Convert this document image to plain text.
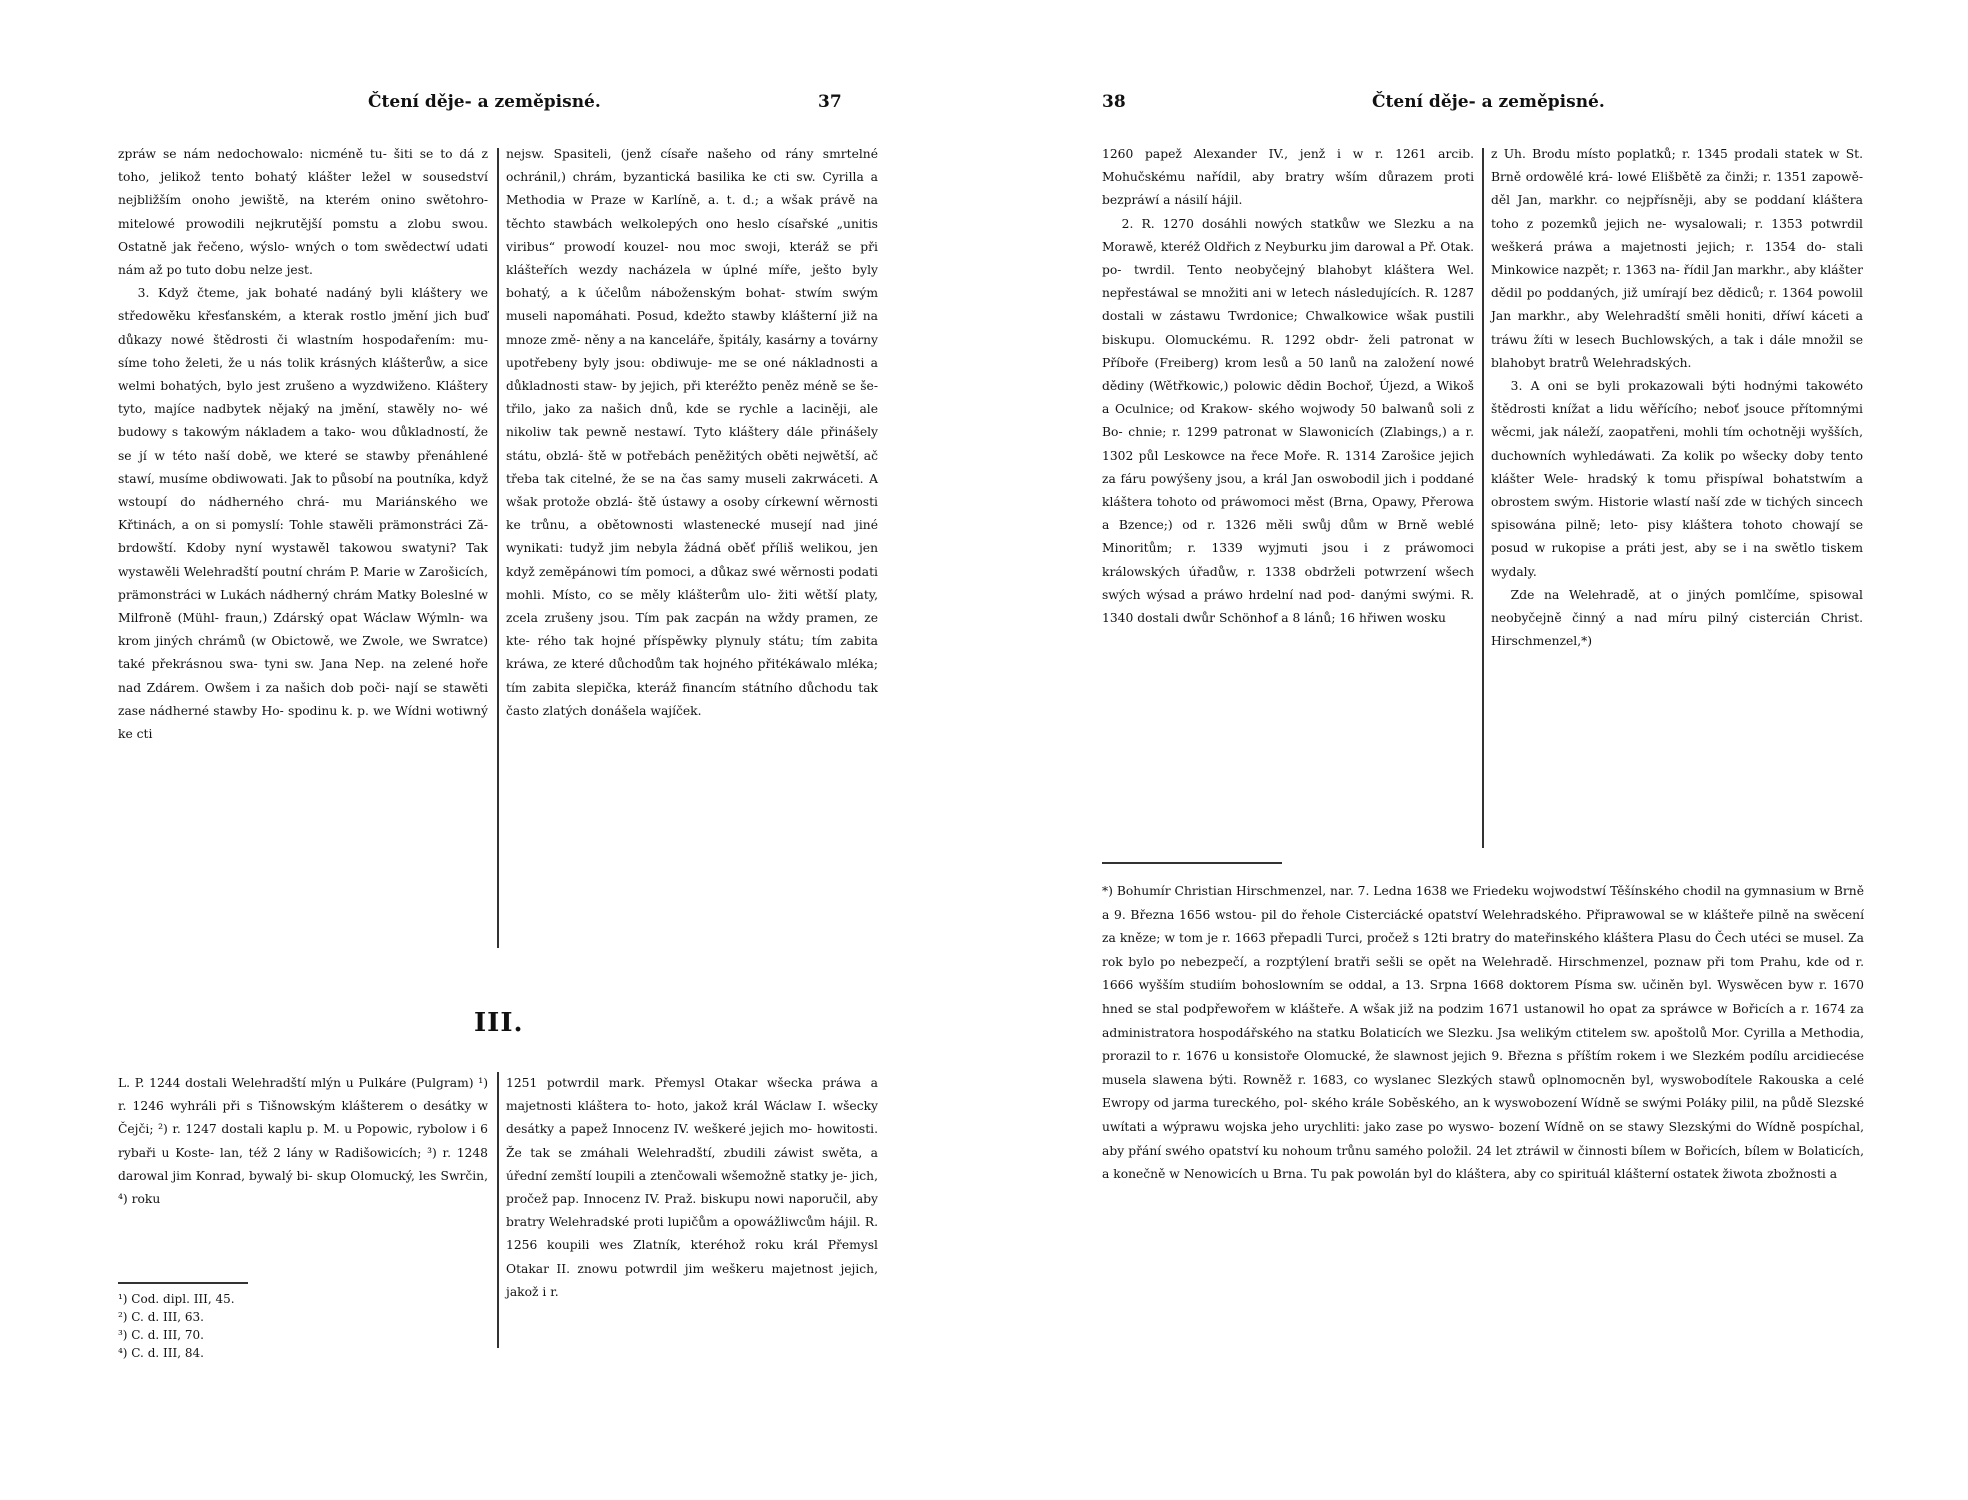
Čtení děje- a zeměpisné.	37

zpráw se nám nedochowalo: nicméně tu- šiti se to dá z toho, jelikož tento bohatý klášter ležel w sousedství nejbližším onoho jewiště, na kterém onino swětohro- mitelowé prowodili nejkrutější pomstu a zlobu swou. Ostatně jak řečeno, wýslo- wných o tom swědectwí udati nám až po tuto dobu nelze jest.

3. Když čteme, jak bohaté nadáný byli kláštery we středowěku křesťanském, a kterak rostlo jmění jich buď důkazy nowé štědrosti či wlastním hospodařením: mu- síme toho želeti, že u nás tolik krásných klášterůw, a sice welmi bohatých, bylo jest zrušeno a wyzdwiženo. Kláštery tyto, majíce nadbytek nějaký na jmění, stawěly no- wé budowy s takowým nákladem a tako- wou důkladností, že se jí w této naší době, we které se stawby přenáhlené stawí, musíme obdiwowati. Jak to působí na poutníka, když wstoupí do nádherného chrá- mu Mariánského we Křtinách, a on si pomyslí: Tohle stawěli prämonstráci Ză- brdowští. Kdoby nyní wystawěl takowou swatyni? Tak wystawěli Welehradští poutní chrám P. Marie w Zarošicích, prämonstráci w Lukách nádherný chrám Matky Boleslné w Milfroně (Mühl- fraun,) Zdárský opat Wáclaw Wýmln- wa krom jiných chrámů (w Obictowě, we Zwole, we Swratce) také překrásnou swa- tyni sw. Jana Nep. na zelené hoře nad Zdárem. Owšem i za našich dob poči- nají se stawěti zase nádherné stawby Ho- spodinu k. p. we Wídni wotiwný ke cti

nejsw. Spasiteli, (jenž císaře našeho od rány smrtelné ochránil,) chrám, byzantická basilika ke cti sw. Cyrilla a Methodia w Praze w Karlíně, a. t. d.; a wšak právě na těchto stawbách welkolepých ono heslo císařské „unitis viribus“ prowodí kouzel- nou moc swoji, kteráž se při klášteřích wezdy nacházela w úplné míře, ješto byly bohatý, a k účelům náboženským bohat- stwím swým museli napomáhati. Posud, kdežto stawby klášterní již na mnoze změ- něny a na kanceláře, špitály, kasárny a továrny upotřebeny byly jsou: obdiwuje- me se oné nákladnosti a důkladnosti staw- by jejich, při kteréžto peněz méně se še- třilo, jako za našich dnů, kde se rychle a laciněji, ale nikoliw tak pewně nestawí. Tyto kláštery dále přinášely státu, obzlá- ště w potřebách peněžitých oběti nejwětší, ač třeba tak citelné, že se na čas samy museli zakrwáceti. A wšak protože obzlá- ště ústawy a osoby církewní wěrnosti ke trůnu, a obětownosti wlastenecké musejí nad jiné wynikati: tudyž jim nebyla žádná oběť příliš welikou, jen když zeměpánowi tím pomoci, a důkaz swé wěrnosti podati mohli. Místo, co se měly klášterům ulo- žiti wětší platy, zcela zrušeny jsou. Tím pak zacpán na wždy pramen, ze kte- rého tak hojné příspěwky plynuly státu; tím zabita kráwa, ze které důchodům tak hojného přitékáwalo mléka; tím zabita slepička, kteráž financím státního důchodu tak často zlatých donášela wajíček.

III.

L. P. 1244 dostali Welehradští mlýn u Pulkáre (Pulgram) ¹) r. 1246 wyhráli při s Tišnowským klášterem o desátky w Čejči; ²) r. 1247 dostali kaplu p. M. u Popowic, rybolow i 6 rybaři u Koste- lan, též 2 lány w Radišowicích; ³) r. 1248 darowal jim Konrad, bywalý bi- skup Olomucký, les Swrčin, ⁴) roku

1251 potwrdil mark. Přemysl Otakar wšecka práwa a majetnosti kláštera to- hoto, jakož král Wáclaw I. wšecky desátky a papež Innocenz IV. weškeré jejich mo- howitosti. Že tak se zmáhali Welehradští, zbudili záwist swěta, a úřední zemští loupili a ztenčowali wšemožně statky je- jich, pročež pap. Innocenz IV. Praž. biskupu nowi naporučil, aby bratry Welehradské proti lupičům a opowážliwcům hájil. R. 1256 koupili wes Zlatník, kteréhož roku král Přemysl Otakar II. znowu potwrdil jim weškeru majetnost jejich, jakož i r.

¹) Cod. dipl. III, 45.
²) C. d. III, 63.
³) C. d. III, 70.
⁴) C. d. III, 84.
38	Čtení děje- a zeměpisné.

1260 papež Alexander IV., jenž i w r. 1261 arcib. Mohučskému nařídil, aby bratry wším důrazem proti bezpráwí a násilí hájil.

2. R. 1270 dosáhli nowých statkůw we Slezku a na Morawě, kteréž Oldřich z Neyburku jim darowal a Př. Otak. po- twrdil. Tento neobyčejný blahobyt kláštera Wel. nepřestáwal se množiti ani w letech následujících. R. 1287 dostali w zástawu Twrdonice; Chwalkowice wšak pustili biskupu. Olomuckému. R. 1292 obdr- želi patronat w Příboře (Freiberg) krom lesů a 50 lanů na založení nowé dědiny (Wětřkowic,) polowic dědin Bochoř, Újezd, a Wikoš a Oculnice; od Krakow- ského wojwody 50 balwanů soli z Bo- chnie; r. 1299 patronat w Slawonicích (Zlabings,) a r. 1302 půl Leskowce na řece Moře. R. 1314 Zarošice jejich za fáru powýšeny jsou, a král Jan oswobodil jich i poddané kláštera tohoto od práwomoci měst (Brna, Opawy, Přerowa a Bzence;) od r. 1326 měli swůj dům w Brně weblé Minoritům; r. 1339 wyjmuti jsou i z práwomoci králowských úřadůw, r. 1338 obdrželi potwrzení wšech swých wýsad a práwo hrdelní nad pod- danými swými. R. 1340 dostali dwůr Schönhof a 8 lánů; 16 hřiwen wosku

z Uh. Brodu místo poplatků; r. 1345 prodali statek w St. Brně ordowělé krá- lowé Elišbětě za činži; r. 1351 zapowě- děl Jan, markhr. co nejpřísněji, aby se poddaní kláštera toho z pozemků jejich ne- wysalowali; r. 1353 potwrdil weškerá práwa a majetnosti jejich; r. 1354 do- stali Minkowice nazpět; r. 1363 na- řídil Jan markhr., aby klášter dědil po poddaných, již umírají bez dědiců; r. 1364 powolil Jan markhr., aby Welehradští směli honiti, dříwí káceti a tráwu žíti w lesech Buchlowských, a tak i dále množil se blahobyt bratrů Welehradských.

3. A oni se byli prokazowali býti hodnými takowéto štědrosti knížat a lidu wěřícího; neboť jsouce přítomnými wěcmi, jak náleží, zaopatřeni, mohli tím ochotněji wyšších, duchowních wyhledáwati. Za kolik po wšecky doby tento klášter Wele- hradský k tomu přispíwal bohatstwím a obrostem swým. Historie wlastí naší zde w tichých sincech spisowána pilně; leto- pisy kláštera tohoto chowají se posud w rukopise a práti jest, aby se i na swětlo tiskem wydaly.

Zde na Welehradě, at o jiných pomlčíme, spisowal neobyčejně činný a nad míru pilný cistercián Christ. Hirschmenzel,*)

*) Bohumír Christian Hirschmenzel, nar. 7. Ledna 1638 we Friedeku wojwodstwí Těšínského chodil na gymnasium w Brně a 9. Března 1656 wstou- pil do řehole Cisterciácké opatství Welehradského. Připrawowal se w klášteře pilně na swěcení za kněze; w tom je r. 1663 přepadli Turci, pročež s 12ti bratry do mateřinského kláštera Plasu do Čech utéci se musel. Za rok bylo po nebezpečí, a rozptýlení bratři sešli se opět na Welehradě. Hirschmenzel, poznaw při tom Prahu, kde od r. 1666 wyšším studiím bohoslowním se oddal, a 13. Srpna 1668 doktorem Písma sw. učiněn byl. Wyswěcen byw r. 1670 hned se stal podpřewořem w klášteře. A wšak již na podzim 1671 ustanowil ho opat za spráwce w Bořicích a r. 1674 za administratora hospodářského na statku Bolaticích we Slezku. Jsa welikým ctitelem sw. apoštolů Mor. Cyrilla a Methodia, prorazil to r. 1676 u konsistoře Olomucké, že slawnost jejich 9. Března s příštím rokem i we Slezkém podílu arcidiecése musela slawena býti. Rowněž r. 1683, co wyslanec Slezkých stawů oplnomocněn byl, wyswobodítele Rakouska a celé Ewropy od jarma tureckého, pol- ského krále Soběského, an k wyswobození Wídně se swými Poláky pilil, na půdě Slezské uwítati a wýprawu wojska jeho urychliti: jako zase po wyswo- bození Wídně on se stawy Slezskými do Wídně pospíchal, aby přání swého opatství ku nohoum trůnu samého položil. 24 let ztráwil w činnosti bílem w Bořicích, bílem w Bolaticích, a konečně w Nenowicích u Brna. Tu pak powolán byl do kláštera, aby co spirituál klášterní ostatek žiwota zbožnosti a
